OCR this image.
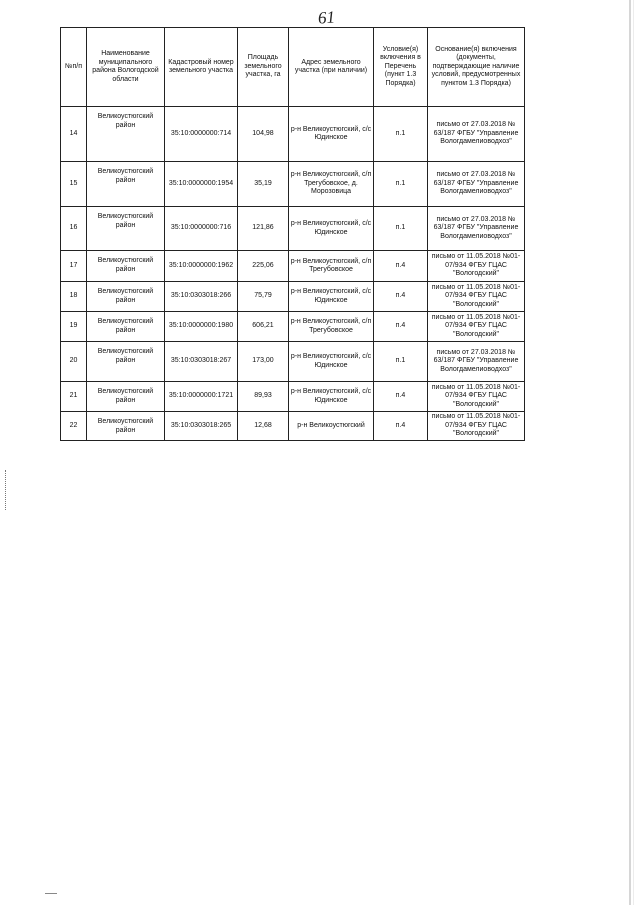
61
№п/п	Наименование муниципального района Вологодской области	Кадастровый номер земельного участка	Площадь земельного участка, га	Адрес земельного участка (при наличии)	Условие(я) включения в Перечень (пункт 1.3 Порядка)	Основание(я) включения (документы, подтверждающие наличие условий, предусмотренных пунктом 1.3 Порядка)
14	Великоустюгский район	35:10:0000000:714	104,98	р-н Великоустюгский, с/с Юдинское	п.1	письмо от 27.03.2018 № 63/187 ФГБУ "Управление Вологдамелиоводхоз"
15	Великоустюгский район	35:10:0000000:1954	35,19	р-н Великоустюгский, с/п Трегубовское, д. Морозовица	п.1	письмо от 27.03.2018 № 63/187 ФГБУ "Управление Вологдамелиоводхоз"
16	Великоустюгский район	35:10:0000000:716	121,86	р-н Великоустюгский, с/с Юдинское	п.1	письмо от 27.03.2018 № 63/187 ФГБУ "Управление Вологдамелиоводхоз"
17	Великоустюгский район	35:10:0000000:1962	225,06	р-н Великоустюгский, с/п Трегубовское	п.4	письмо от 11.05.2018 №01-07/934 ФГБУ ГЦАС "Вологодский"
18	Великоустюгский район	35:10:0303018:266	75,79	р-н Великоустюгский, с/с Юдинское	п.4	письмо от 11.05.2018 №01-07/934 ФГБУ ГЦАС "Вологодский"
19	Великоустюгский район	35:10:0000000:1980	606,21	р-н Великоустюгский, с/п Трегубовское	п.4	письмо от 11.05.2018 №01-07/934 ФГБУ ГЦАС "Вологодский"
20	Великоустюгский район	35:10:0303018:267	173,00	р-н Великоустюгский, с/с Юдинское	п.1	письмо от 27.03.2018 № 63/187 ФГБУ "Управление Вологдамелиоводхоз"
21	Великоустюгский район	35:10:0000000:1721	89,93	р-н Великоустюгский, с/с Юдинское	п.4	письмо от 11.05.2018 №01-07/934 ФГБУ ГЦАС "Вологодский"
22	Великоустюгский район	35:10:0303018:265	12,68	р-н Великоустюгский	п.4	письмо от 11.05.2018 №01-07/934 ФГБУ ГЦАС "Вологодский"
